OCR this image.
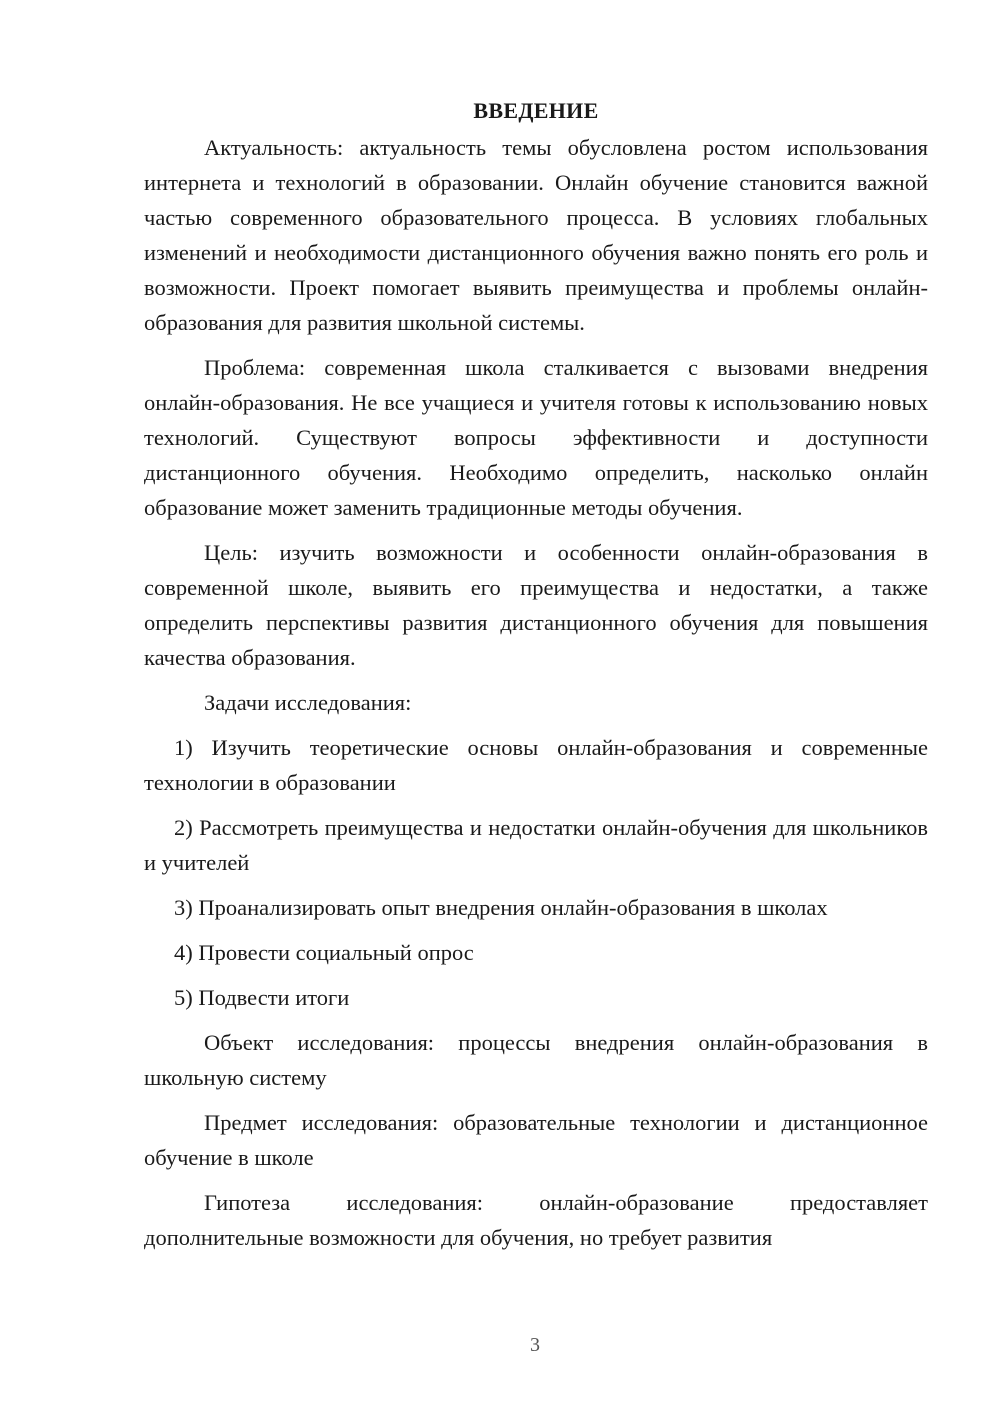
ВВЕДЕНИЕ

Актуальность: актуальность темы обусловлена ростом использования интернета и технологий в образовании. Онлайн обучение становится важной частью современного образовательного процесса. В условиях глобальных изменений и необходимости дистанционного обучения важно понять его роль и возможности. Проект помогает выявить преимущества и проблемы онлайн-образования для развития школьной системы.

Проблема: современная школа сталкивается с вызовами внедрения онлайн-образования. Не все учащиеся и учителя готовы к использованию новых технологий. Существуют вопросы эффективности и доступности дистанционного обучения. Необходимо определить, насколько онлайн образование может заменить традиционные методы обучения.

Цель: изучить возможности и особенности онлайн-образования в современной школе, выявить его преимущества и недостатки, а также определить перспективы развития дистанционного обучения для повышения качества образования.

Задачи исследования:

1) Изучить теоретические основы онлайн-образования и современные технологии в образовании

2) Рассмотреть преимущества и недостатки онлайн-обучения для школьников и учителей

3) Проанализировать опыт внедрения онлайн-образования в школах

4) Провести социальный опрос

5) Подвести итоги

Объект исследования: процессы внедрения онлайн-образования в школьную систему

Предмет исследования: образовательные технологии и дистанционное обучение в школе

Гипотеза исследования: онлайн-образование предоставляет дополнительные возможности для обучения, но требует развития

3
